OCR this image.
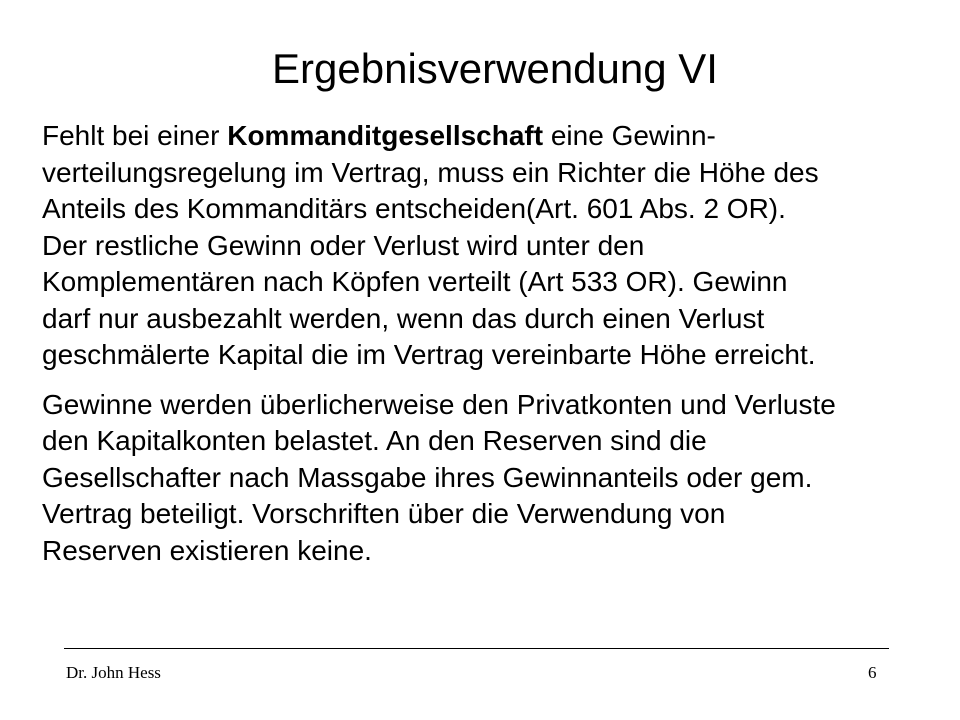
Ergebnisverwendung VI

Fehlt bei einer Kommanditgesellschaft eine Gewinn-
verteilungsregelung im Vertrag, muss ein Richter die Höhe des
Anteils des Kommanditärs entscheiden(Art. 601 Abs. 2 OR).
Der restliche Gewinn oder Verlust wird unter den
Komplementären nach Köpfen verteilt (Art 533 OR). Gewinn
darf nur ausbezahlt werden, wenn das durch einen Verlust
geschmälerte Kapital die im Vertrag vereinbarte Höhe erreicht.

Gewinne werden überlicherweise den Privatkonten und Verluste
den Kapitalkonten belastet. An den Reserven sind die
Gesellschafter nach Massgabe ihres Gewinnanteils oder gem.
Vertrag beteiligt. Vorschriften über die Verwendung von
Reserven existieren keine.

Dr. John Hess	6
